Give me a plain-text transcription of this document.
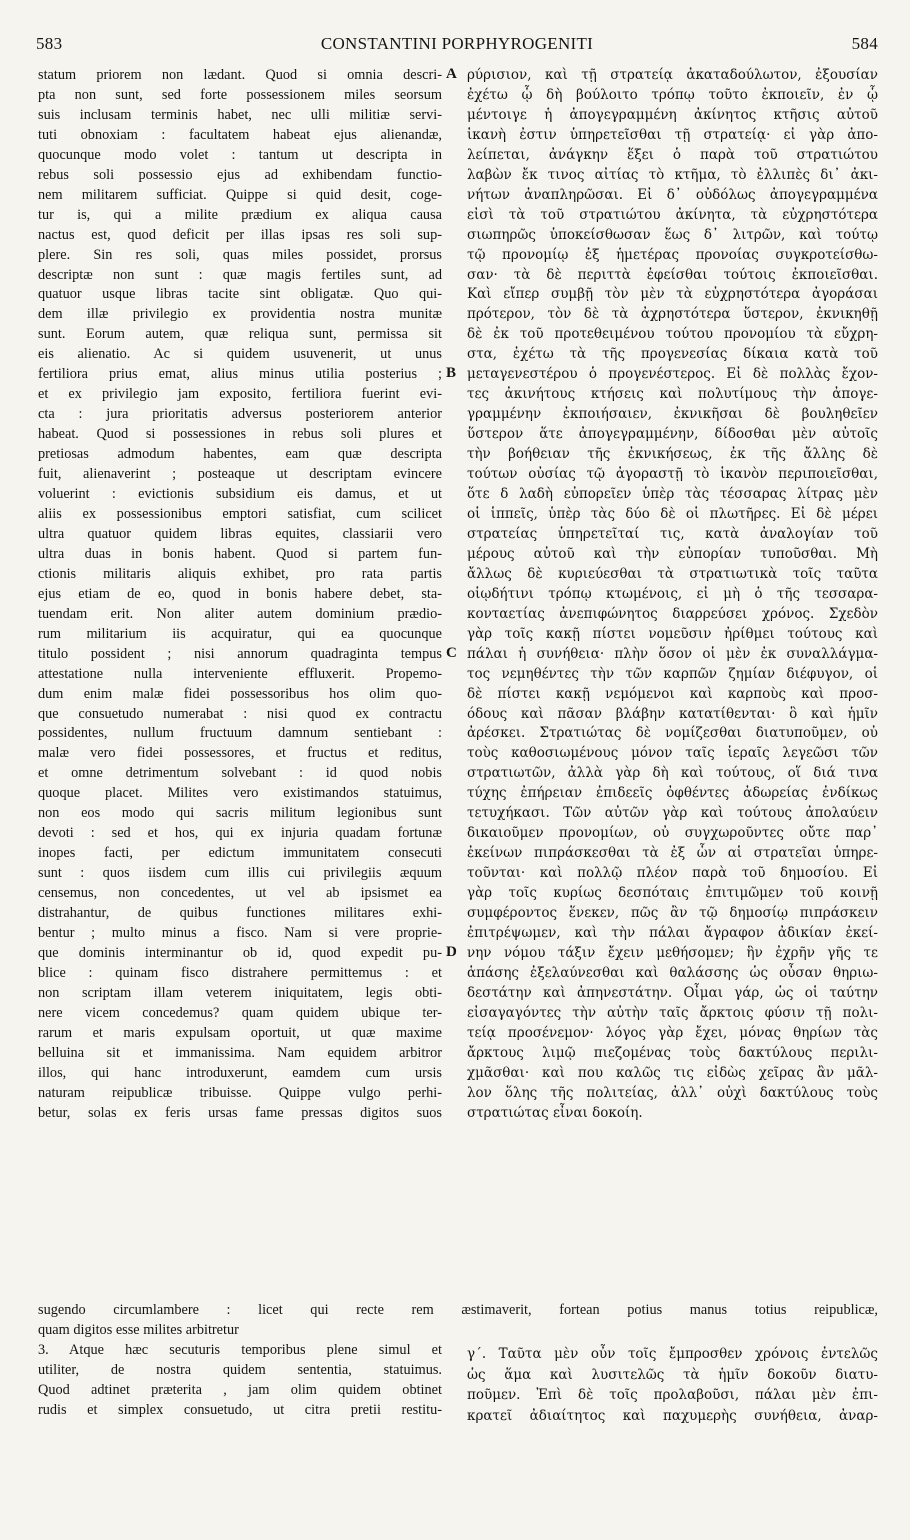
583	CONSTANTINI PORPHYROGENITI	584

statum priorem non lædant. Quod si omnia descri-

pta non sunt, sed forte possessionem miles seorsum

suis inclusam terminis habet, nec ulli militiæ servi-

tuti obnoxiam : facultatem habeat ejus alienandæ,

quocunque modo volet : tantum ut descripta in

rebus soli possessio ejus ad exhibendam functio-

nem militarem sufficiat. Quippe si quid desit, coge-

tur is, qui a milite prædium ex aliqua causa

nactus est, quod deficit per illas ipsas res soli sup-

plere. Sin res soli, quas miles possidet, prorsus

descriptæ non sunt : quæ magis fertiles sunt, ad

quatuor usque libras tacite sint obligatæ. Quo qui-

dem illæ privilegio ex providentia nostra munitæ

sunt. Eorum autem, quæ reliqua sunt, permissa sit

eis alienatio. Ac si quidem usuvenerit, ut unus

fertiliora prius emat, alius minus utilia posterius ;

et ex privilegio jam exposito, fertiliora fuerint evi-

cta : jura prioritatis adversus posteriorem anterior

habeat. Quod si possessiones in rebus soli plures et

pretiosas admodum habentes, eam quæ descripta

fuit, alienaverint ; posteaque ut descriptam evincere

voluerint : evictionis subsidium eis damus, et ut

aliis ex possessionibus emptori satisfiat, cum scilicet

ultra quatuor quidem libras equites, classiarii vero

ultra duas in bonis habent. Quod si partem fun-

ctionis militaris aliquis exhibet, pro rata partis

ejus etiam de eo, quod in bonis habere debet, sta-

tuendam erit. Non aliter autem dominium prædio-

rum militarium iis acquiratur, qui ea quocunque

titulo possident ; nisi annorum quadraginta tempus

attestatione nulla interveniente effluxerit. Propemo-

dum enim malæ fidei possessoribus hos olim quo-

que consuetudo numerabat : nisi quod ex contractu

possidentes, nullum fructuum damnum sentiebant :

malæ vero fidei possessores, et fructus et reditus,

et omne detrimentum solvebant : id quod nobis

quoque placet. Milites vero existimandos statuimus,

non eos modo qui sacris militum legionibus sunt

devoti : sed et hos, qui ex injuria quadam fortunæ

inopes facti, per edictum immunitatem consecuti

sunt : quos iisdem cum illis cui privilegiis æquum

censemus, non concedentes, ut vel ab ipsismet ea

distrahantur, de quibus functiones militares exhi-

bentur ; multo minus a fisco. Nam si vere proprie-

que dominis interminantur ob id, quod expedit pu-

blice : quinam fisco distrahere permittemus : et

non scriptam illam veterem iniquitatem, legis obti-

nere vicem concedemus? quam quidem ubique ter-

rarum et maris expulsam oportuit, ut quæ maxime

belluina sit et immanissima. Nam equidem arbitror

illos, qui hanc introduxerunt, eamdem cum ursis

naturam reipublicæ tribuisse. Quippe vulgo perhi-

betur, solas ex feris ursas fame pressas digitos suos

A
B
C
D

ρύρισιον, καὶ τῇ στρατείᾳ ἀκαταδούλωτον, ἐξουσίαν

ἐχέτω ᾧ δὴ βούλοιτο τρόπῳ τοῦτο ἐκποιεῖν, ἐν ᾧ

μέντοιγε ἡ ἀπογεγραμμένη ἀκίνητος κτῆσις αὐτοῦ

ἱκανὴ ἐστιν ὑπηρετεῖσθαι τῇ στρατείᾳ· εἰ γὰρ ἀπο-

λείπεται, ἀνάγκην ἕξει ὁ παρὰ τοῦ στρατιώτου

λαβὼν ἔκ τινος αἰτίας τὸ κτῆμα, τὸ ἐλλιπὲς δι᾽ ἀκι-

νήτων ἀναπληρῶσαι. Εἰ δ᾽ οὐδόλως ἀπογεγραμμένα

εἰσὶ τὰ τοῦ στρατιώτου ἀκίνητα, τὰ εὐχρηστότερα

σιωπηρῶς ὑποκείσθωσαν ἕως δ᾽ λιτρῶν, καὶ τούτῳ

τῷ προνομίῳ ἐξ ἡμετέρας προνοίας συγκροτείσθω-

σαν· τὰ δὲ περιττὰ ἐφείσθαι τούτοις ἐκποιεῖσθαι.

Καὶ εἴπερ συμβῇ τὸν μὲν τὰ εὐχρηστότερα ἀγοράσαι

πρότερον, τὸν δὲ τὰ ἀχρηστότερα ὕστερον, ἐκνικηθῇ

δὲ ἐκ τοῦ προτεθειμένου τούτου προνομίου τὰ εὔχρη-

στα, ἐχέτω τὰ τῆς προγενεσίας δίκαια κατὰ τοῦ

μεταγενεστέρου ὁ προγενέστερος. Εἰ δὲ πολλὰς ἔχον-

τες ἀκινήτους κτήσεις καὶ πολυτίμους τὴν ἀπογε-

γραμμένην ἐκποιήσαιεν, ἐκνικῆσαι δὲ βουληθεῖεν

ὕστερον ἅτε ἀπογεγραμμένην, δίδοσθαι μὲν αὐτοῖς

τὴν βοήθειαν τῆς ἐκνικήσεως, ἐκ τῆς ἄλλης δὲ

τούτων οὐσίας τῷ ἀγοραστῇ τὸ ἱκανὸν περιποιεῖσθαι,

ὅτε δ λαδὴ εὐπορεῖεν ὑπὲρ τὰς τέσσαρας λίτρας μὲν

οἱ ἱππεῖς, ὑπὲρ τὰς δύο δὲ οἱ πλωτῆρες. Εἰ δὲ μέρει

στρατείας ὑπηρετεῖταί τις, κατὰ ἀναλογίαν τοῦ

μέρους αὐτοῦ καὶ τὴν εὐπορίαν τυποῦσθαι. Μὴ

ἄλλως δὲ κυριεύεσθαι τὰ στρατιωτικὰ τοῖς ταῦτα

οἱῳδήτινι τρόπῳ κτωμένοις, εἰ μὴ ὁ τῆς τεσσαρα-

κονταετίας ἀνεπιφώνητος διαρρεύσει χρόνος. Σχεδὸν

γὰρ τοῖς κακῇ πίστει νομεῦσιν ἠρίθμει τούτους καὶ

πάλαι ἡ συνήθεια· πλὴν ὅσον οἱ μὲν ἐκ συναλλάγμα-

τος νεμηθέντες τὴν τῶν καρπῶν ζημίαν διέφυγον, οἱ

δὲ πίστει κακῇ νεμόμενοι καὶ καρποὺς καὶ προσ-

όδους καὶ πᾶσαν βλάβην κατατίθενται· ὃ καὶ ἡμῖν

ἀρέσκει. Στρατιώτας δὲ νομίζεσθαι διατυποῦμεν, οὐ

τοὺς καθοσιωμένους μόνον ταῖς ἱεραῖς λεγεῶσι τῶν

στρατιωτῶν, ἀλλὰ γὰρ δὴ καὶ τούτους, οἵ διά τινα

τύχης ἐπήρειαν ἐπιδεεῖς ὀφθέντες ἀδωρείας ἐνδίκως

τετυχήκασι. Τῶν αὐτῶν γὰρ καὶ τούτους ἀπολαύειν

δικαιοῦμεν προνομίων, οὐ συγχωροῦντες οὔτε παρ᾽

ἐκείνων πιπράσκεσθαι τὰ ἐξ ὧν αἱ στρατεῖαι ὑπηρε-

τοῦνται· καὶ πολλῷ πλέον παρὰ τοῦ δημοσίου. Εἰ

γὰρ τοῖς κυρίως δεσπόταις ἐπιτιμῶμεν τοῦ κοινῇ

συμφέροντος ἕνεκεν, πῶς ἂν τῷ δημοσίῳ πιπράσκειν

ἐπιτρέψωμεν, καὶ τὴν πάλαι ἄγραφον ἀδικίαν ἐκεί-

νην νόμου τάξιν ἔχειν μεθήσομεν; ἣν ἐχρῆν γῆς τε

ἁπάσης ἐξελαύνεσθαι καὶ θαλάσσης ὡς οὖσαν θηριω-

δεστάτην καὶ ἀπηνεστάτην. Οἶμαι γάρ, ὡς οἱ ταύτην

εἰσαγαγόντες τὴν αὐτὴν ταῖς ἄρκτοις φύσιν τῇ πολι-

τείᾳ προσένεμον· λόγος γὰρ ἔχει, μόνας θηρίων τὰς

ἄρκτους λιμῷ πιεζομένας τοὺς δακτύλους περιλι-

χμᾶσθαι· καὶ που καλῶς τις εἰδὼς χεῖρας ἂν μᾶλ-

λον ὅλης τῆς πολιτείας, ἀλλ᾽ οὐχὶ δακτύλους τοὺς

στρατιώτας εἶναι δοκοίη.

sugendo circumlambere : licet qui recte rem æstimaverit, fortean potius manus totius reipublicæ,

quam digitos esse milites arbitretur

3. Atque hæc secuturis temporibus plene simul et

utiliter, de nostra quidem sententia, statuimus.

Quod adtinet præterita , jam olim quidem obtinet

rudis et simplex consuetudo, ut citra pretii restitu-

γ΄. Ταῦτα μὲν οὖν τοῖς ἔμπροσθεν χρόνοις ἐντελῶς

ὡς ἅμα καὶ λυσιτελῶς τὰ ἡμῖν δοκοῦν διατυ-

ποῦμεν. Ἐπὶ δὲ τοῖς προλαβοῦσι, πάλαι μὲν ἐπι-

κρατεῖ ἀδιαίτητος καὶ παχυμερὴς συνήθεια, ἀναρ-
